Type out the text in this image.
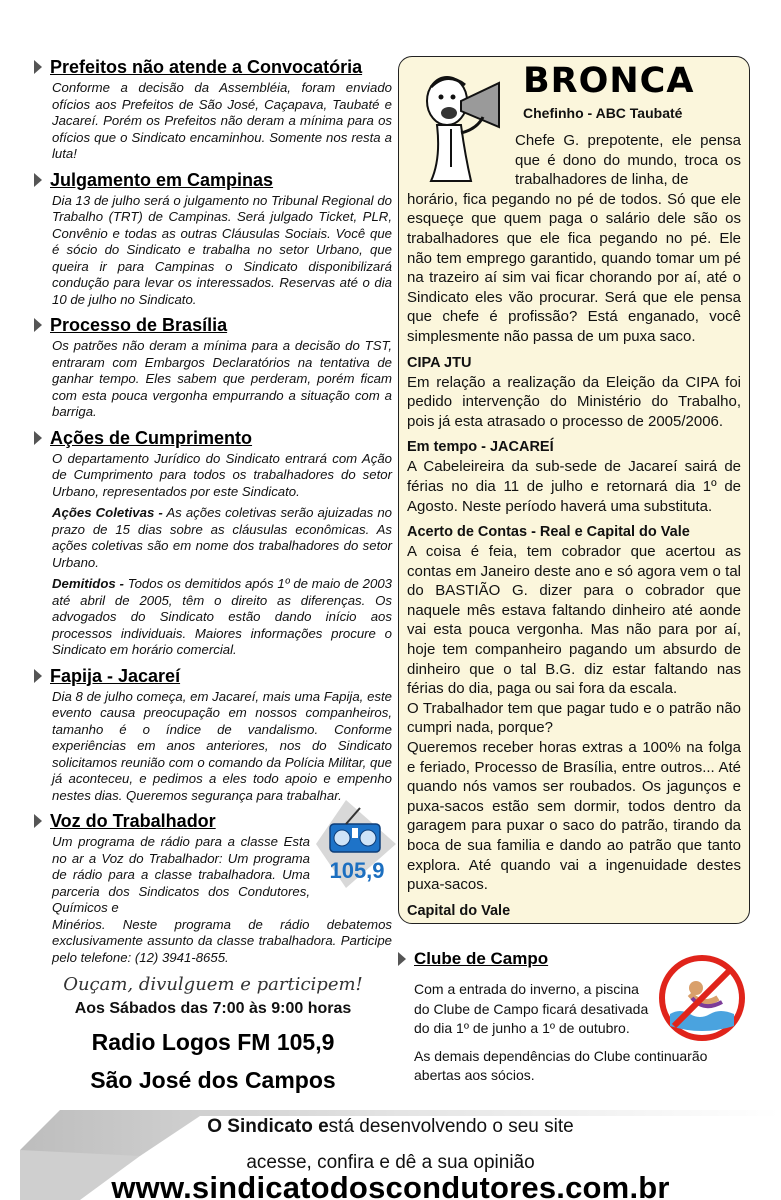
Prefeitos não atende a Convocatória

Conforme a decisão da Assembléia, foram enviado ofícios aos Prefeitos de São José, Caçapava, Taubaté e Jacareí. Porém os Prefeitos não deram a mínima para os ofícios que o Sindicato encaminhou. Somente nos resta a luta!

Julgamento em Campinas

Dia 13 de julho será o julgamento no Tribunal Regional do Trabalho (TRT) de Campinas. Será julgado Ticket, PLR, Convênio e todas as outras Cláusulas Sociais. Você que é sócio do Sindicato e trabalha no setor Urbano, que queira ir para Campinas o Sindicato disponibilizará condução para levar os interessados. Reservas até o dia 10 de julho no Sindicato.

Processo de Brasília

Os patrões não deram a mínima para a decisão do TST, entraram com Embargos Declaratórios na tentativa de ganhar tempo. Eles sabem que perderam, porém ficam com esta pouca vergonha empurrando a situação com a barriga.

Ações de Cumprimento

O departamento Jurídico do Sindicato entrará com Ação de Cumprimento para todos os trabalhadores do setor Urbano, representados por este Sindicato.

Ações Coletivas - As ações coletivas serão ajuizadas no prazo de 15 dias sobre as cláusulas econômicas. As ações coletivas são em nome dos trabalhadores do setor Urbano.

Demitidos - Todos os demitidos após 1º de maio de 2003 até abril de 2005, têm o direito as diferenças. Os advogados do Sindicato estão dando início aos processos individuais. Maiores informações procure o Sindicato em horário comercial.

Fapija - Jacareí

Dia 8 de julho começa, em Jacareí, mais uma Fapija, este evento causa preocupação em nossos companheiros, tamanho é o índice de vandalismo. Conforme experiências em anos anteriores, nos do Sindicato solicitamos reunião com o comando da Polícia Militar, que já aconteceu, e pedimos a eles todo apoio e empenho nestes dias. Queremos segurança para trabalhar.

Voz do Trabalhador
105,9

Um programa de rádio para a classe Esta no ar a Voz do Trabalhador: Um programa de rádio para a classe trabalhadora. Uma parceria dos Sindicatos dos Condutores, Químicos e

Minérios. Neste programa de rádio debatemos exclusivamente assunto da classe trabalhadora. Participe pelo telefone: (12) 3941-8655.

Ouçam, divulguem e participem!
Aos Sábados das 7:00 às 9:00 horas
Radio Logos FM 105,9
São José dos Campos
BRONCA
Chefinho - ABC Taubaté

Chefe G. prepotente, ele pensa que é dono do mundo, troca os trabalhadores de linha, de

horário, fica pegando no pé de todos. Só que ele esqueçe que quem paga o salário dele são os trabalhadores que ele fica pegando no pé. Ele não tem emprego garantido, quando tomar um pé na trazeiro aí sim vai ficar chorando por aí, até o Sindicato eles vão procurar. Será que ele pensa que chefe é profissão? Está enganado, você simplesmente não passa de um puxa saco.

CIPA JTU

Em relação a realização da Eleição da CIPA foi pedido intervenção do Ministério do Trabalho, pois já esta atrasado o processo de 2005/2006.

Em tempo - JACAREÍ

A Cabeleireira da sub-sede de Jacareí sairá de férias no dia 11 de julho e retornará dia 1º de Agosto. Neste período haverá uma substituta.

Acerto de Contas - Real e Capital do Vale

A coisa é feia, tem cobrador que acertou as contas em Janeiro deste ano e só agora vem o tal do BASTIÃO G. dizer para o cobrador que naquele mês estava faltando dinheiro até aonde vai esta pouca vergonha. Mas não para por aí, hoje tem companheiro pagando um absurdo de dinheiro que o tal B.G. diz estar faltando nas férias do dia, paga ou sai fora da escala.

O Trabalhador tem que pagar tudo e o patrão não cumpri nada, porque?

Queremos receber horas extras a 100% na folga e feriado, Processo de Brasília, entre outros... Até quando nós vamos ser roubados. Os jagunços e puxa-sacos estão sem dormir, todos dentro da garagem para puxar o saco do patrão, tirando da boca de sua familia e dando ao patrão que tanto explora. Até quando vai a ingenuidade destes puxa-sacos.

Capital do Vale

Clube de Campo

Com a entrada do inverno, a piscina do Clube de Campo ficará desativada do dia 1º de junho a 1º de outubro.

As demais dependências do Clube continuarão abertas aos sócios.

O Sindicato está desenvolvendo o seu site
acesse, confira e dê a sua opinião
www.sindicatodoscondutores.com.br
